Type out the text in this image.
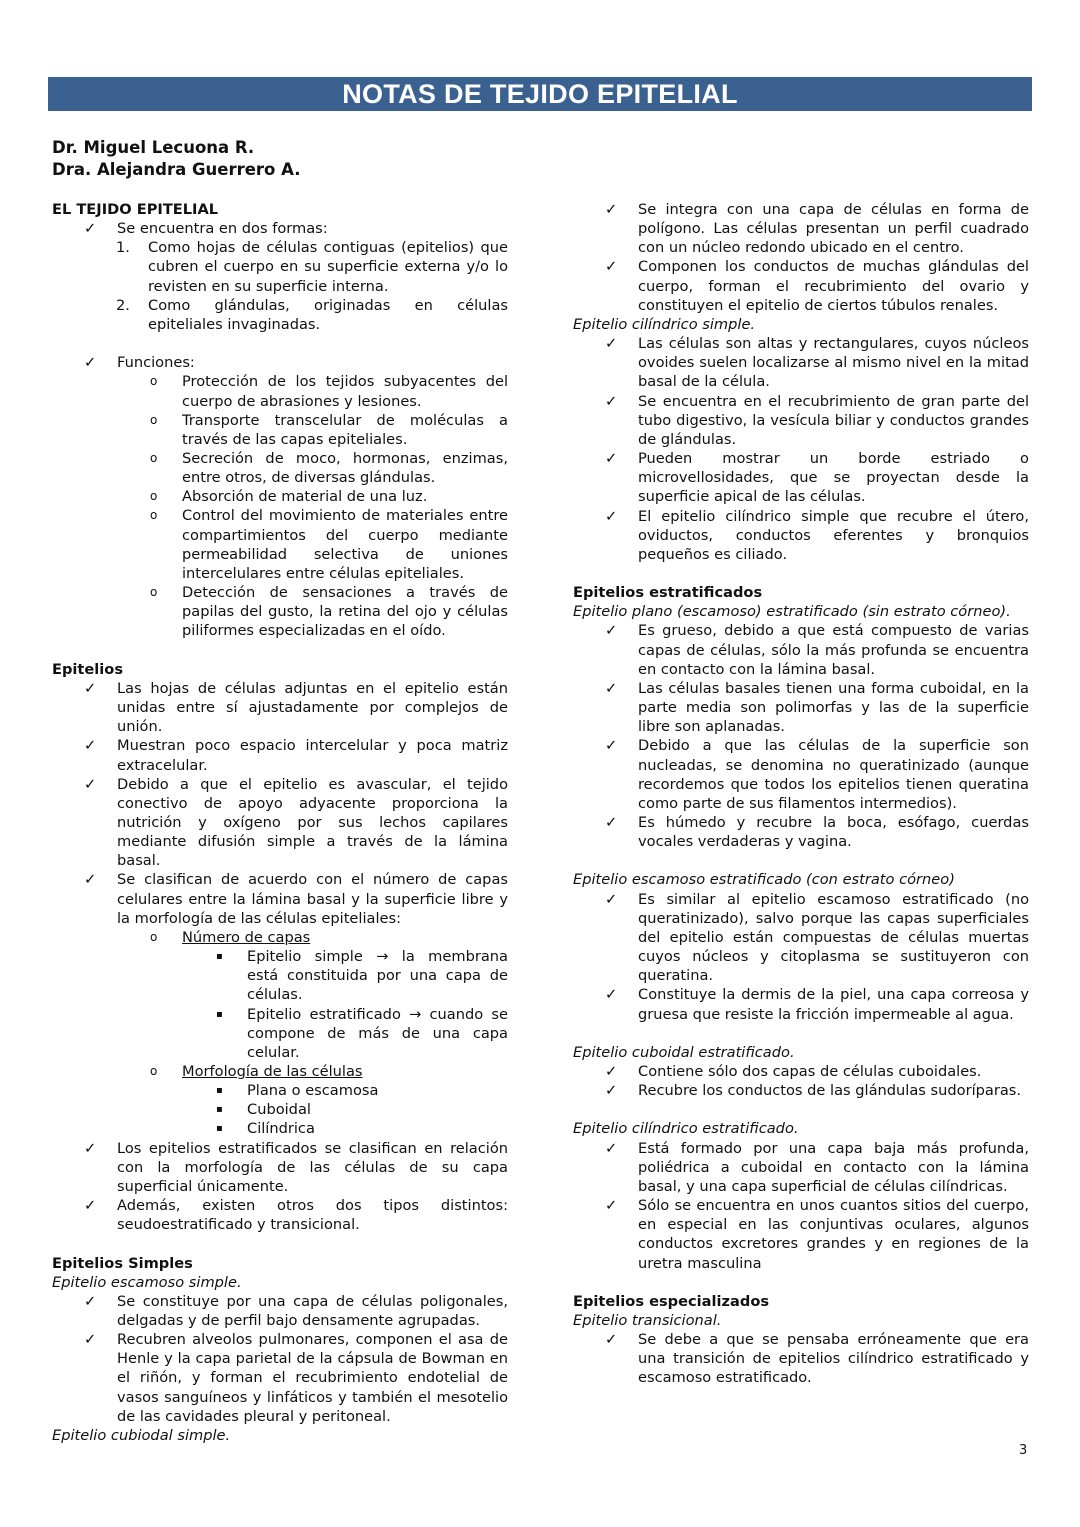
NOTAS DE TEJIDO EPITELIAL
Dr. Miguel Lecuona R.
Dra. Alejandra Guerrero A.
EL TEJIDO EPITELIAL
✓ Se encuentra en dos formas:
1. Como hojas de células contiguas (epitelios) que cubren el cuerpo en su superficie externa y/o lo revisten en su superficie interna.
2. Como glándulas, originadas en células epiteliales invaginadas.
✓ Funciones:
o Protección de los tejidos subyacentes del cuerpo de abrasiones y lesiones.
o Transporte transcelular de moléculas a través de las capas epiteliales.
o Secreción de moco, hormonas, enzimas, entre otros, de diversas glándulas.
o Absorción de material de una luz.
o Control del movimiento de materiales entre compartimientos del cuerpo mediante permeabilidad selectiva de uniones intercelulares entre células epiteliales.
o Detección de sensaciones a través de papilas del gusto, la retina del ojo y células piliformes especializadas en el oído.
Epitelios
✓ Las hojas de células adjuntas en el epitelio están unidas entre sí ajustadamente por complejos de unión.
✓ Muestran poco espacio intercelular y poca matriz extracelular.
✓ Debido a que el epitelio es avascular, el tejido conectivo de apoyo adyacente proporciona la nutrición y oxígeno por sus lechos capilares mediante difusión simple a través de la lámina basal.
✓ Se clasifican de acuerdo con el número de capas celulares entre la lámina basal y la superficie libre y la morfología de las células epiteliales:
o Número de capas
▪ Epitelio simple → la membrana está constituida por una capa de células.
▪ Epitelio estratificado → cuando se compone de más de una capa celular.
o Morfología de las células
▪ Plana o escamosa
▪ Cuboidal
▪ Cilíndrica
✓ Los epitelios estratificados se clasifican en relación con la morfología de las células de su capa superficial únicamente.
✓ Además, existen otros dos tipos distintos: seudoestratificado y transicional.
Epitelios Simples
Epitelio escamoso simple.
✓ Se constituye por una capa de células poligonales, delgadas y de perfil bajo densamente agrupadas.
✓ Recubren alveolos pulmonares, componen el asa de Henle y la capa parietal de la cápsula de Bowman en el riñón, y forman el recubrimiento endotelial de vasos sanguíneos y linfáticos y también el mesotelio de las cavidades pleural y peritoneal.
Epitelio cubiodal simple.
✓ Se integra con una capa de células en forma de polígono. Las células presentan un perfil cuadrado con un núcleo redondo ubicado en el centro.
✓ Componen los conductos de muchas glándulas del cuerpo, forman el recubrimiento del ovario y constituyen el epitelio de ciertos túbulos renales.
Epitelio cilíndrico simple.
✓ Las células son altas y rectangulares, cuyos núcleos ovoides suelen localizarse al mismo nivel en la mitad basal de la célula.
✓ Se encuentra en el recubrimiento de gran parte del tubo digestivo, la vesícula biliar y conductos grandes de glándulas.
✓ Pueden mostrar un borde estriado o microvellosidades, que se proyectan desde la superficie apical de las células.
✓ El epitelio cilíndrico simple que recubre el útero, oviductos, conductos eferentes y bronquios pequeños es ciliado.
Epitelios estratificados
Epitelio plano (escamoso) estratificado (sin estrato córneo).
✓ Es grueso, debido a que está compuesto de varias capas de células, sólo la más profunda se encuentra en contacto con la lámina basal.
✓ Las células basales tienen una forma cuboidal, en la parte media son polimorfas y las de la superficie libre son aplanadas.
✓ Debido a que las células de la superficie son nucleadas, se denomina no queratinizado (aunque recordemos que todos los epitelios tienen queratina como parte de sus filamentos intermedios).
✓ Es húmedo y recubre la boca, esófago, cuerdas vocales verdaderas y vagina.
Epitelio escamoso estratificado (con estrato córneo)
✓ Es similar al epitelio escamoso estratificado (no queratinizado), salvo porque las capas superficiales del epitelio están compuestas de células muertas cuyos núcleos y citoplasma se sustituyeron con queratina.
✓ Constituye la dermis de la piel, una capa correosa y gruesa que resiste la fricción impermeable al agua.
Epitelio cuboidal estratificado.
✓ Contiene sólo dos capas de células cuboidales.
✓ Recubre los conductos de las glándulas sudoríparas.
Epitelio cilíndrico estratificado.
✓ Está formado por una capa baja más profunda, poliédrica a cuboidal en contacto con la lámina basal, y una capa superficial de células cilíndricas.
✓ Sólo se encuentra en unos cuantos sitios del cuerpo, en especial en las conjuntivas oculares, algunos conductos excretores grandes y en regiones de la uretra masculina
Epitelios especializados
Epitelio transicional.
✓ Se debe a que se pensaba erróneamente que era una transición de epitelios cilíndrico estratificado y escamoso estratificado.
3
